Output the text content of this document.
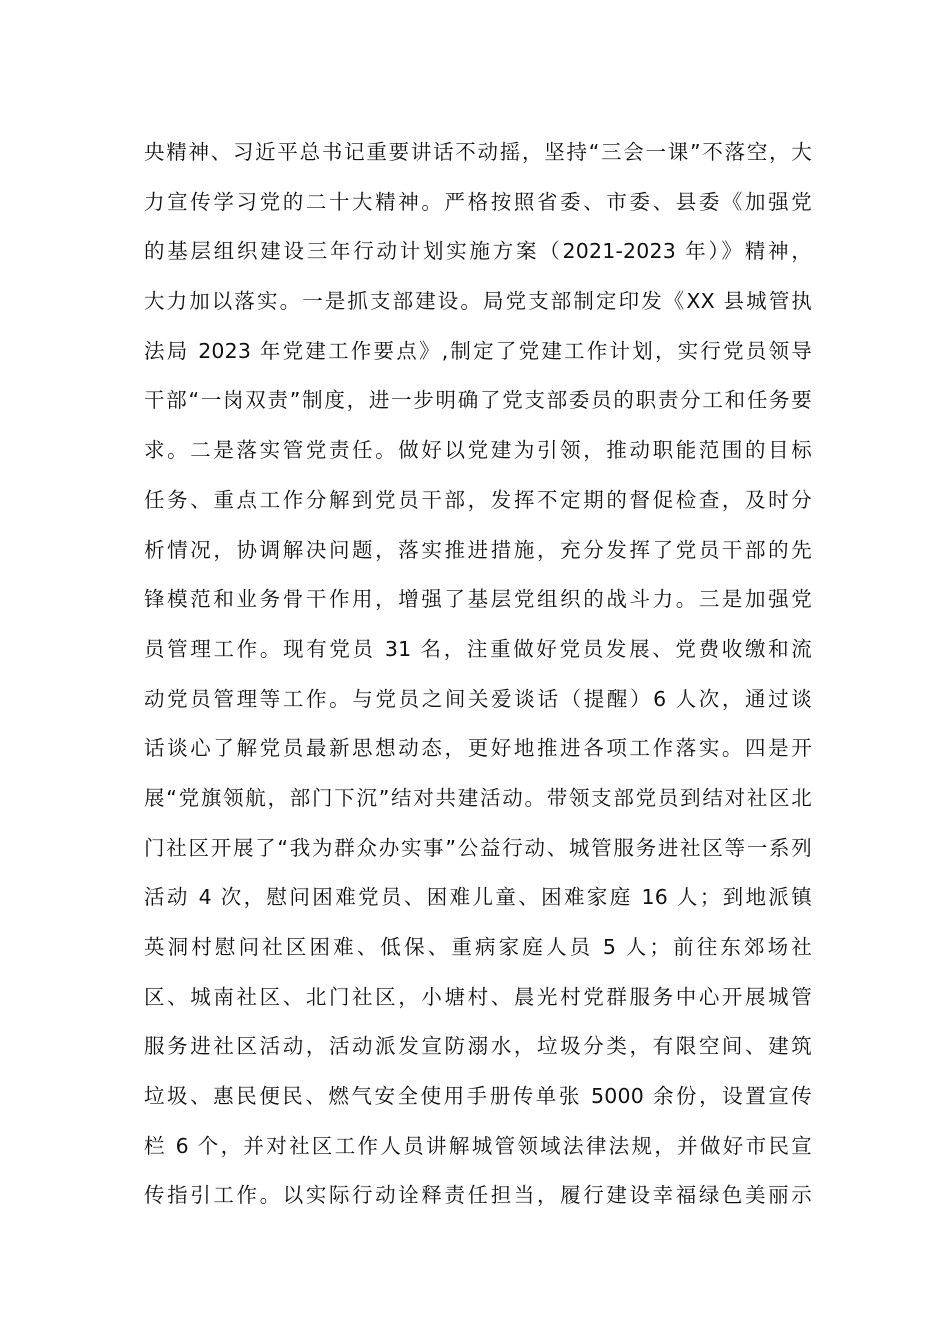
央精神、习近平总书记重要讲话不动摇，坚持“三会一课”不落空，大
力宣传学习党的二十大精神。严格按照省委、市委、县委《加强党
的基层组织建设三年行动计划实施方案（2021-2023 年）》精神，
大力加以落实。一是抓支部建设。局党支部制定印发《XX 县城管执
法局 2023 年党建工作要点》,制定了党建工作计划，实行党员领导
干部“一岗双责”制度，进一步明确了党支部委员的职责分工和任务要
求。二是落实管党责任。做好以党建为引领，推动职能范围的目标
任务、重点工作分解到党员干部，发挥不定期的督促检查，及时分
析情况，协调解决问题，落实推进措施，充分发挥了党员干部的先
锋模范和业务骨干作用，增强了基层党组织的战斗力。三是加强党
员管理工作。现有党员 31 名，注重做好党员发展、党费收缴和流
动党员管理等工作。与党员之间关爱谈话（提醒）6 人次，通过谈
话谈心了解党员最新思想动态，更好地推进各项工作落实。四是开
展“党旗领航，部门下沉”结对共建活动。带领支部党员到结对社区北
门社区开展了“我为群众办实事”公益行动、城管服务进社区等一系列
活动 4 次，慰问困难党员、困难儿童、困难家庭 16 人；到地派镇
英洞村慰问社区困难、低保、重病家庭人员 5 人；前往东郊场社
区、城南社区、北门社区，小塘村、晨光村党群服务中心开展城管
服务进社区活动，活动派发宣防溺水，垃圾分类，有限空间、建筑
垃圾、惠民便民、燃气安全使用手册传单张 5000 余份，设置宣传
栏 6 个，并对社区工作人员讲解城管领域法律法规，并做好市民宣
传指引工作。以实际行动诠释责任担当，履行建设幸福绿色美丽示
